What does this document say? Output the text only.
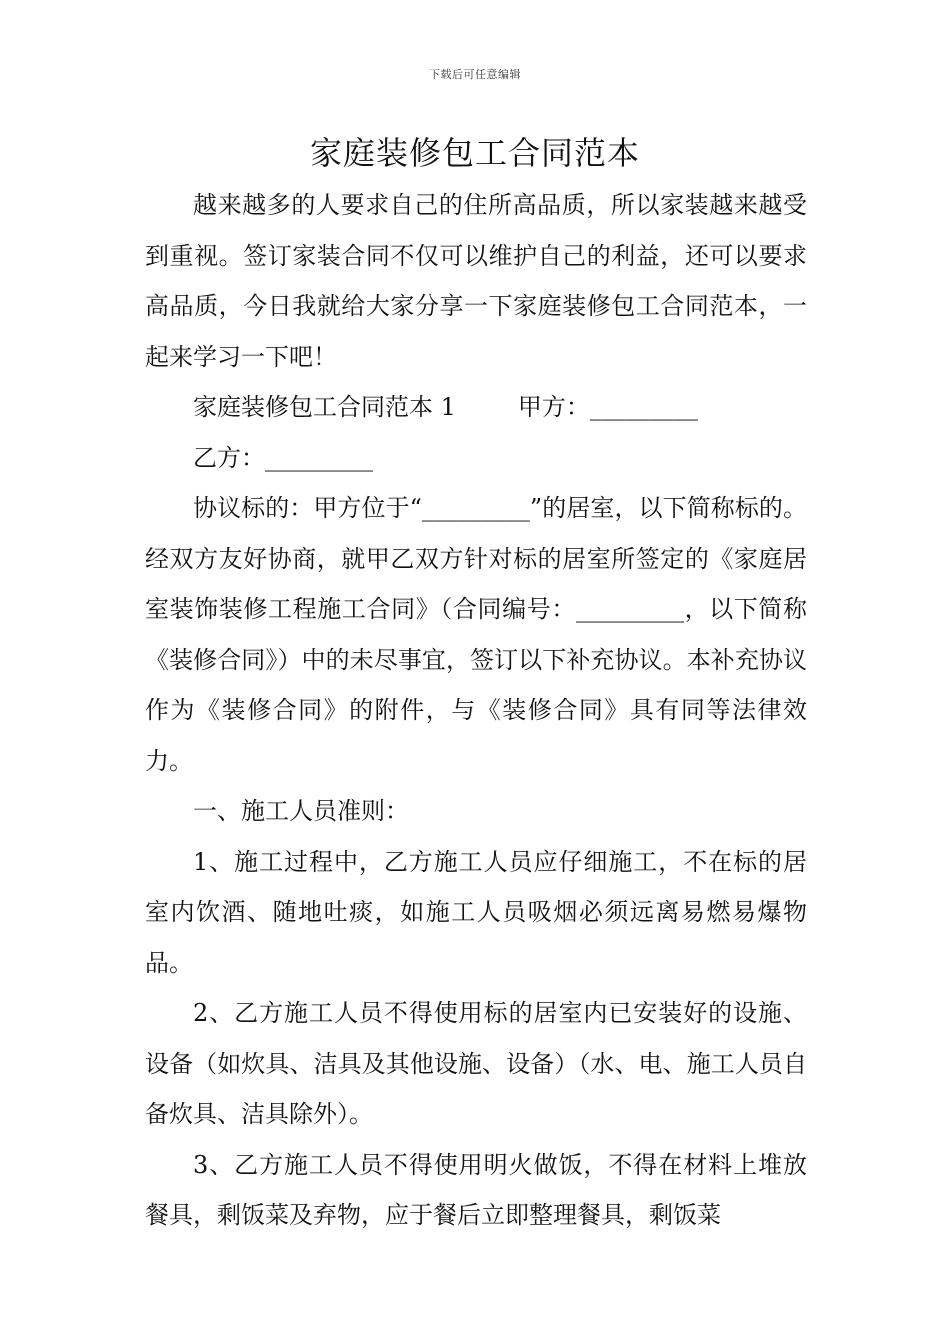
下载后可任意编辑
家庭装修包工合同范本

越来越多的人要求自己的住所高品质，所以家装越来越受到重视。签订家装合同不仅可以维护自己的利益，还可以要求高品质，今日我就给大家分享一下家庭装修包工合同范本，一起来学习一下吧！

家庭装修包工合同范本 1	甲方：_________

乙方：_________

协议标的：甲方位于“_________”的居室，以下简称标的。经双方友好协商，就甲乙双方针对标的居室所签定的《家庭居室装饰装修工程施工合同》（合同编号：_________，以下简称《装修合同》）中的未尽事宜，签订以下补充协议。本补充协议作为《装修合同》的附件，与《装修合同》具有同等法律效力。

一、施工人员准则：

1、施工过程中，乙方施工人员应仔细施工，不在标的居室内饮酒、随地吐痰，如施工人员吸烟必须远离易燃易爆物品。

2、乙方施工人员不得使用标的居室内已安装好的设施、设备（如炊具、洁具及其他设施、设备）（水、电、施工人员自备炊具、洁具除外）。

3、乙方施工人员不得使用明火做饭，不得在材料上堆放餐具，剩饭菜及弃物，应于餐后立即整理餐具，剩饭菜
